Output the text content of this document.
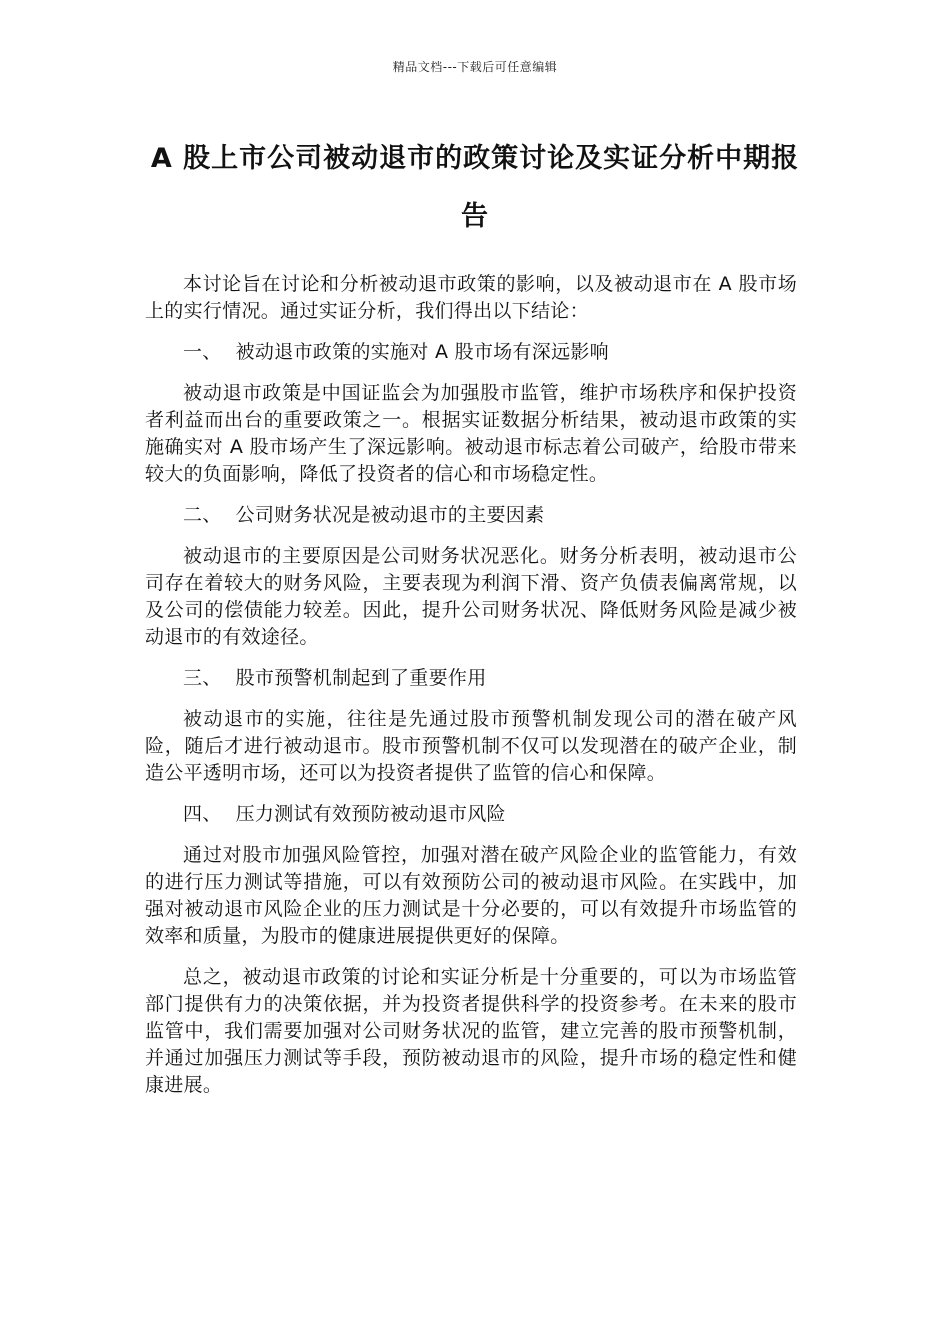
精品文档---下载后可任意编辑
A 股上市公司被动退市的政策讨论及实证分析中期报告

本讨论旨在讨论和分析被动退市政策的影响，以及被动退市在 A 股市场上的实行情况。通过实证分析，我们得出以下结论：

一、 被动退市政策的实施对 A 股市场有深远影响

被动退市政策是中国证监会为加强股市监管，维护市场秩序和保护投资者利益而出台的重要政策之一。根据实证数据分析结果，被动退市政策的实施确实对 A 股市场产生了深远影响。被动退市标志着公司破产，给股市带来较大的负面影响，降低了投资者的信心和市场稳定性。

二、 公司财务状况是被动退市的主要因素

被动退市的主要原因是公司财务状况恶化。财务分析表明，被动退市公司存在着较大的财务风险，主要表现为利润下滑、资产负债表偏离常规，以及公司的偿债能力较差。因此，提升公司财务状况、降低财务风险是减少被动退市的有效途径。

三、 股市预警机制起到了重要作用

被动退市的实施，往往是先通过股市预警机制发现公司的潜在破产风险，随后才进行被动退市。股市预警机制不仅可以发现潜在的破产企业，制造公平透明市场，还可以为投资者提供了监管的信心和保障。

四、 压力测试有效预防被动退市风险

通过对股市加强风险管控，加强对潜在破产风险企业的监管能力，有效的进行压力测试等措施，可以有效预防公司的被动退市风险。在实践中，加强对被动退市风险企业的压力测试是十分必要的，可以有效提升市场监管的效率和质量，为股市的健康进展提供更好的保障。

总之，被动退市政策的讨论和实证分析是十分重要的，可以为市场监管部门提供有力的决策依据，并为投资者提供科学的投资参考。在未来的股市监管中，我们需要加强对公司财务状况的监管，建立完善的股市预警机制，并通过加强压力测试等手段，预防被动退市的风险，提升市场的稳定性和健康进展。
